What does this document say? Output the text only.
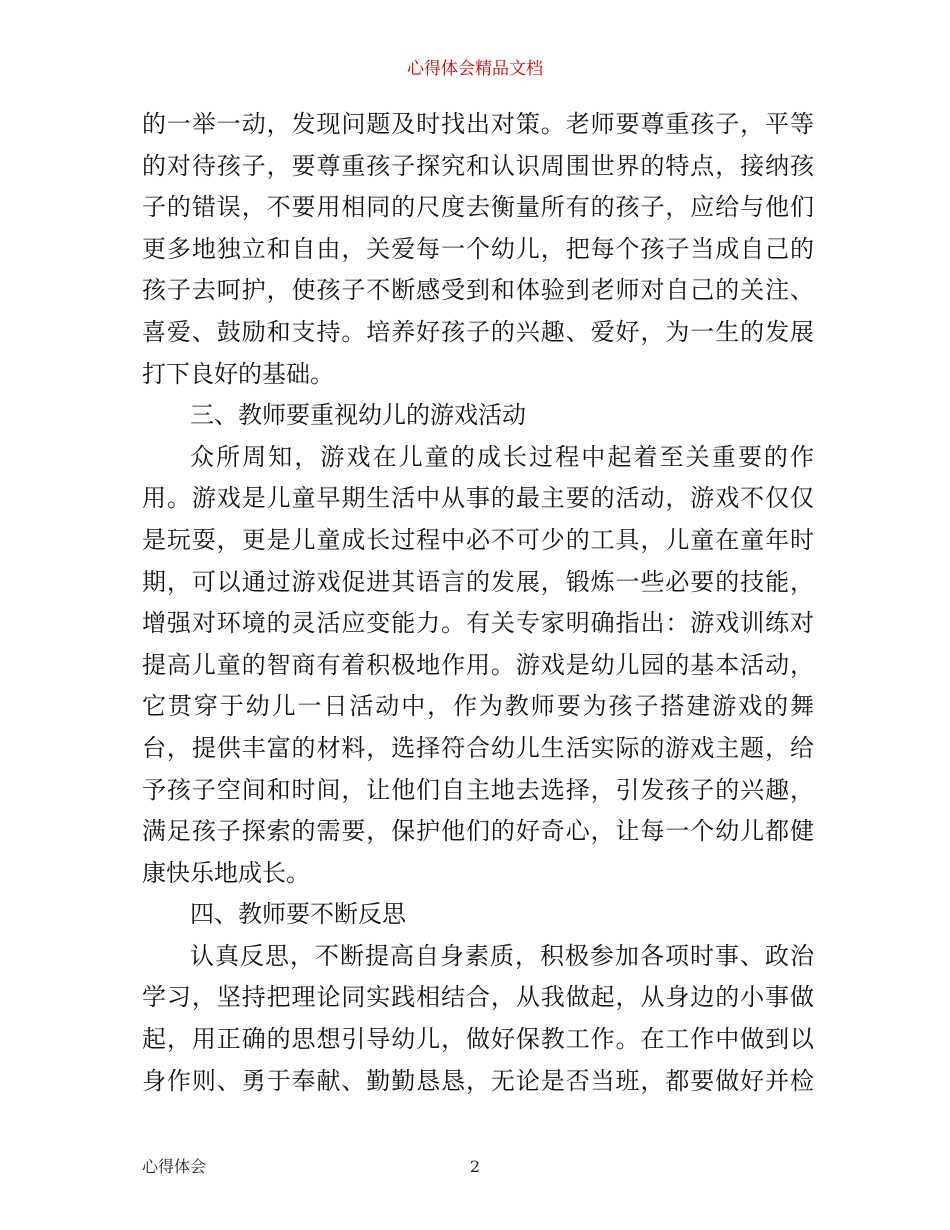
心得体会精品文档
的一举一动，发现问题及时找出对策。老师要尊重孩子，平等
的对待孩子，要尊重孩子探究和认识周围世界的特点，接纳孩
子的错误，不要用相同的尺度去衡量所有的孩子，应给与他们
更多地独立和自由，关爱每一个幼儿，把每个孩子当成自己的
孩子去呵护，使孩子不断感受到和体验到老师对自己的关注、
喜爱、鼓励和支持。培养好孩子的兴趣、爱好，为一生的发展
打下良好的基础。
三、教师要重视幼儿的游戏活动
众所周知，游戏在儿童的成长过程中起着至关重要的作
用。游戏是儿童早期生活中从事的最主要的活动，游戏不仅仅
是玩耍，更是儿童成长过程中必不可少的工具，儿童在童年时
期，可以通过游戏促进其语言的发展，锻炼一些必要的技能，
增强对环境的灵活应变能力。有关专家明确指出：游戏训练对
提高儿童的智商有着积极地作用。游戏是幼儿园的基本活动，
它贯穿于幼儿一日活动中，作为教师要为孩子搭建游戏的舞
台，提供丰富的材料，选择符合幼儿生活实际的游戏主题，给
予孩子空间和时间，让他们自主地去选择，引发孩子的兴趣，
满足孩子探索的需要，保护他们的好奇心，让每一个幼儿都健
康快乐地成长。
四、教师要不断反思
认真反思，不断提高自身素质，积极参加各项时事、政治
学习，坚持把理论同实践相结合，从我做起，从身边的小事做
起，用正确的思想引导幼儿，做好保教工作。在工作中做到以
身作则、勇于奉献、勤勤恳恳，无论是否当班，都要做好并检
心得体会	2
